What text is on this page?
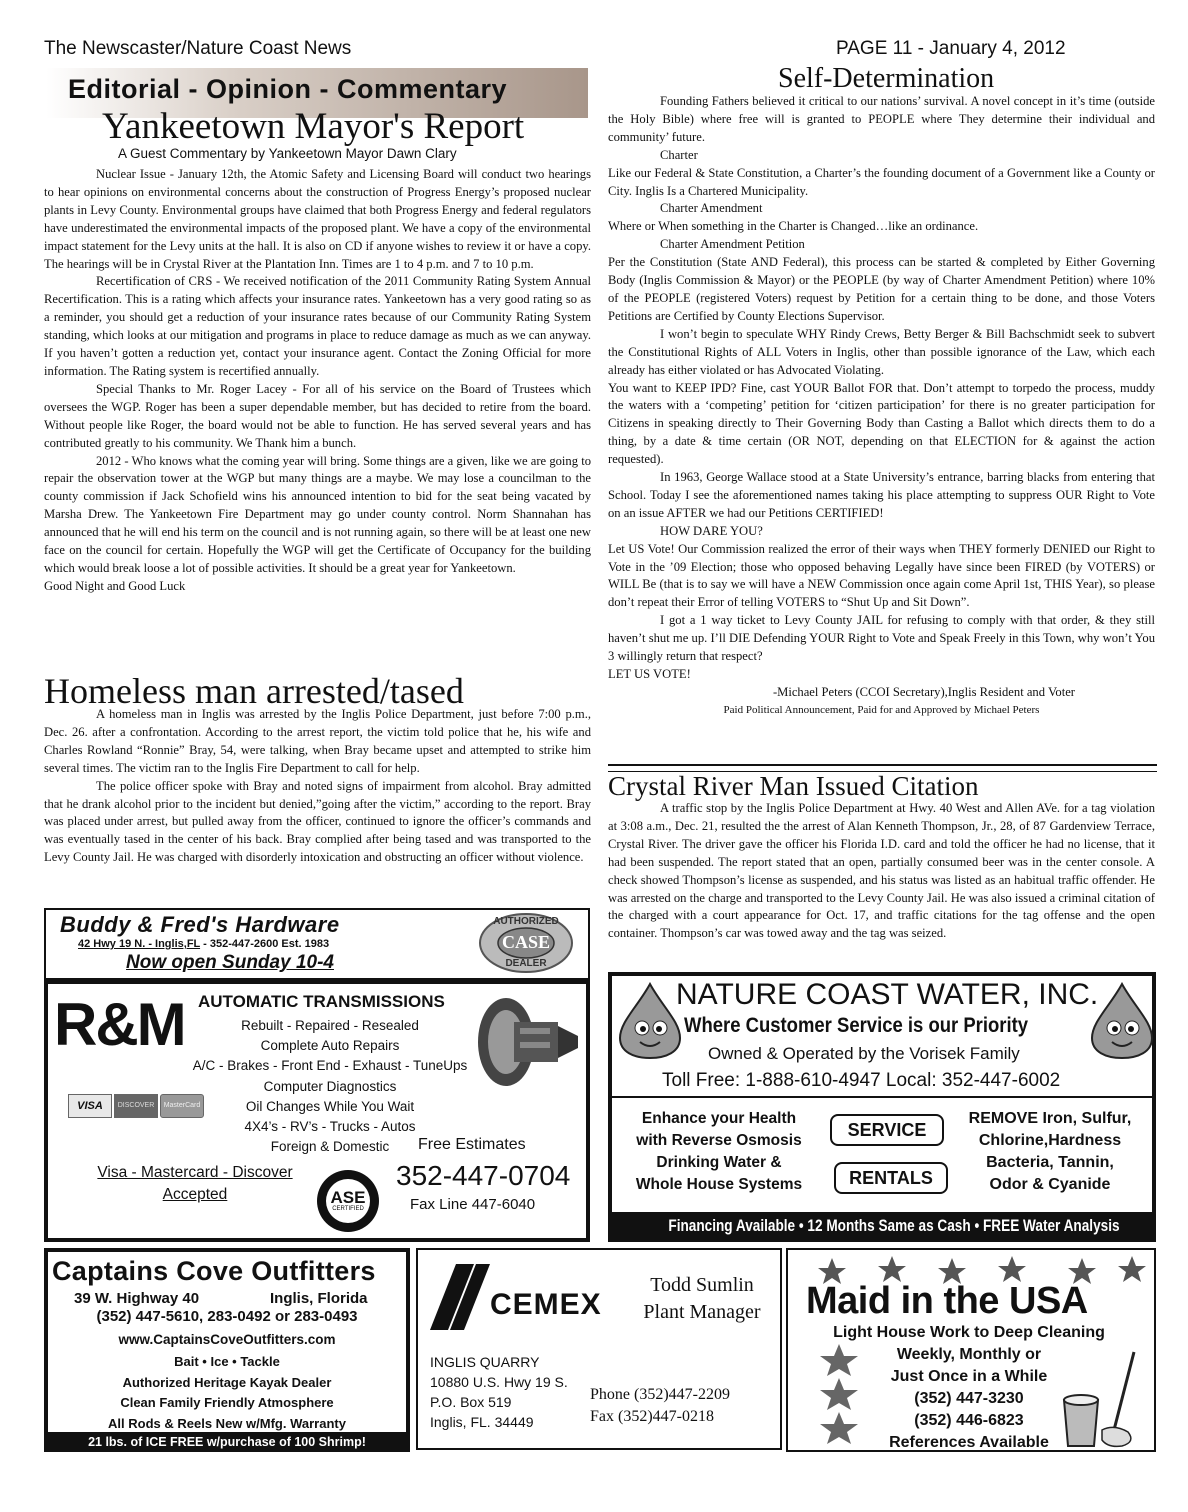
The Newscaster/Nature Coast News	PAGE 11 - January 4, 2012
Editorial - Opinion - Commentary
Yankeetown Mayor's Report
A Guest Commentary by Yankeetown Mayor Dawn Clary

Nuclear Issue - January 12th, the Atomic Safety and Licensing Board will conduct two hearings to hear opinions on environmental concerns about the construction of Progress Energy’s proposed nuclear plants in Levy County. Environmental groups have claimed that both Progress Energy and federal regulators have underestimated the environmental impacts of the proposed plant. We have a copy of the environmental impact statement for the Levy units at the hall. It is also on CD if anyone wishes to review it or have a copy. The hearings will be in Crystal River at the Plantation Inn. Times are 1 to 4 p.m. and 7 to 10 p.m.

Recertification of CRS - We received notification of the 2011 Community Rating System Annual Recertification. This is a rating which affects your insurance rates. Yankeetown has a very good rating so as a reminder, you should get a reduction of your insurance rates because of our Community Rating System standing, which looks at our mitigation and programs in place to reduce damage as much as we can anyway. If you haven’t gotten a reduction yet, contact your insurance agent. Contact the Zoning Official for more information. The Rating system is recertified annually.

Special Thanks to Mr. Roger Lacey - For all of his service on the Board of Trustees which oversees the WGP. Roger has been a super dependable member, but has decided to retire from the board. Without people like Roger, the board would not be able to function. He has served several years and has contributed greatly to his community. We Thank him a bunch.

2012 - Who knows what the coming year will bring. Some things are a given, like we are going to repair the observation tower at the WGP but many things are a maybe. We may lose a councilman to the county commission if Jack Schofield wins his announced intention to bid for the seat being vacated by Marsha Drew. The Yankeetown Fire Department may go under county control. Norm Shannahan has announced that he will end his term on the council and is not running again, so there will be at least one new face on the council for certain. Hopefully the WGP will get the Certificate of Occupancy for the building which would break loose a lot of possible activities. It should be a great year for Yankeetown.

Good Night and Good Luck

Homeless man arrested/tased

A homeless man in Inglis was arrested by the Inglis Police Department, just before 7:00 p.m., Dec. 26. after a confrontation. According to the arrest report, the victim told police that he, his wife and Charles Rowland “Ronnie” Bray, 54, were talking, when Bray became upset and attempted to strike him several times. The victim ran to the Inglis Fire Department to call for help.

The police officer spoke with Bray and noted signs of impairment from alcohol. Bray admitted that he drank alcohol prior to the incident but denied,”going after the victim,” according to the report. Bray was placed under arrest, but pulled away from the officer, continued to ignore the officer’s commands and was eventually tased in the center of his back. Bray complied after being tased and was transported to the Levy County Jail. He was charged with disorderly intoxication and obstructing an officer without violence.

Self-Determination

Founding Fathers believed it critical to our nations’ survival. A novel concept in it’s time (outside the Holy Bible) where free will is granted to PEOPLE where They determine their individual and community’ future.

Charter

Like our Federal & State Constitution, a Charter’s the founding document of a Government like a County or City. Inglis Is a Chartered Municipality.

Charter Amendment

Where or When something in the Charter is Changed…like an ordinance.

Charter Amendment Petition

Per the Constitution (State AND Federal), this process can be started & completed by Either Governing Body (Inglis Commission & Mayor) or the PEOPLE (by way of Charter Amendment Petition) where 10% of the PEOPLE (registered Voters) request by Petition for a certain thing to be done, and those Voters Petitions are Certified by County Elections Supervisor.

I won’t begin to speculate WHY Rindy Crews, Betty Berger & Bill Bachschmidt seek to subvert the Constitutional Rights of ALL Voters in Inglis, other than possible ignorance of the Law, which each already has either violated or has Advocated Violating.

You want to KEEP IPD? Fine, cast YOUR Ballot FOR that. Don’t attempt to torpedo the process, muddy the waters with a ‘competing’ petition for ‘citizen participation’ for there is no greater participation for Citizens in speaking directly to Their Governing Body than Casting a Ballot which directs them to do a thing, by a date & time certain (OR NOT, depending on that ELECTION for & against the action requested).

In 1963, George Wallace stood at a State University’s entrance, barring blacks from entering that School. Today I see the aforementioned names taking his place attempting to suppress OUR Right to Vote on an issue AFTER we had our Petitions CERTIFIED!

HOW DARE YOU?

Let US Vote! Our Commission realized the error of their ways when THEY formerly DENIED our Right to Vote in the ’09 Election; those who opposed behaving Legally have since been FIRED (by VOTERS) or WILL Be (that is to say we will have a NEW Commission once again come April 1st, THIS Year), so please don’t repeat their Error of telling VOTERS to “Shut Up and Sit Down”.

I got a 1 way ticket to Levy County JAIL for refusing to comply with that order, & they still haven’t shut me up. I’ll DIE Defending YOUR Right to Vote and Speak Freely in this Town, why won’t You 3 willingly return that respect?

LET US VOTE!

-Michael Peters (CCOI Secretary),Inglis Resident and Voter

Paid Political Announcement, Paid for and Approved by Michael Peters

Crystal River Man Issued Citation

A traffic stop by the Inglis Police Department at Hwy. 40 West and Allen AVe. for a tag violation at 3:08 a.m., Dec. 21, resulted the the arrest of Alan Kenneth Thompson, Jr., 28, of 87 Gardenview Terrace, Crystal River. The driver gave the officer his Florida I.D. card and told the officer he had no license, that it had been suspended. The report stated that an open, partially consumed beer was in the center console. A check showed Thompson’s license as suspended, and his status was listed as an habitual traffic offender. He was arrested on the charge and transported to the Levy County Jail. He was also issued a criminal citation of the charged with a court appearance for Oct. 17, and traffic citations for the tag offense and the open container. Thompson’s car was towed away and the tag was seized.

Buddy & Fred's Hardware
42 Hwy 19 N. - Inglis,FL - 352-447-2600 Est. 1983
Now open Sunday 10-4
AUTHORIZED
CASE
DEALER
R&M AUTOMATIC TRANSMISSIONS
Rebuilt - Repaired - Resealed
Complete Auto Repairs
A/C - Brakes - Front End - Exhaust - TuneUps
Computer Diagnostics
Oil Changes While You Wait
4X4’s - RV’s - Trucks - Autos
Foreign & Domestic
VISA	DISCOVER	MasterCard
Free Estimates
Visa - Mastercard - Discover
Accepted	ASE
CERTIFIED
352-447-0704
Fax Line 447-6040
NATURE COAST WATER, INC.
Where Customer Service is our Priority
Owned & Operated by the Vorisek Family
Toll Free: 1-888-610-4947 Local: 352-447-6002
Enhance your Health
with Reverse Osmosis
Drinking Water &
Whole House Systems
SERVICE
RENTALS
REMOVE Iron, Sulfur,
Chlorine,Hardness
Bacteria, Tannin,
Odor & Cyanide
Financing Available • 12 Months Same as Cash • FREE Water Analysis
Captains Cove Outfitters
39 W. Highway 40	Inglis, Florida
(352) 447-5610, 283-0492 or 283-0493
www.CaptainsCoveOutfitters.com
Bait • Ice • Tackle
Authorized Heritage Kayak Dealer
Clean Family Friendly Atmosphere
All Rods & Reels New w/Mfg. Warranty
21 lbs. of ICE FREE w/purchase of 100 Shrimp!
CEMEX
Todd Sumlin
Plant Manager
INGLIS QUARRY
10880 U.S. Hwy 19 S.
P.O. Box 519
Inglis, FL. 34449
Phone (352)447-2209
Fax (352)447-0218
Maid in the USA
Light House Work to Deep Cleaning
Weekly, Monthly or
Just Once in a While
(352) 447-3230
(352) 446-6823
References Available
